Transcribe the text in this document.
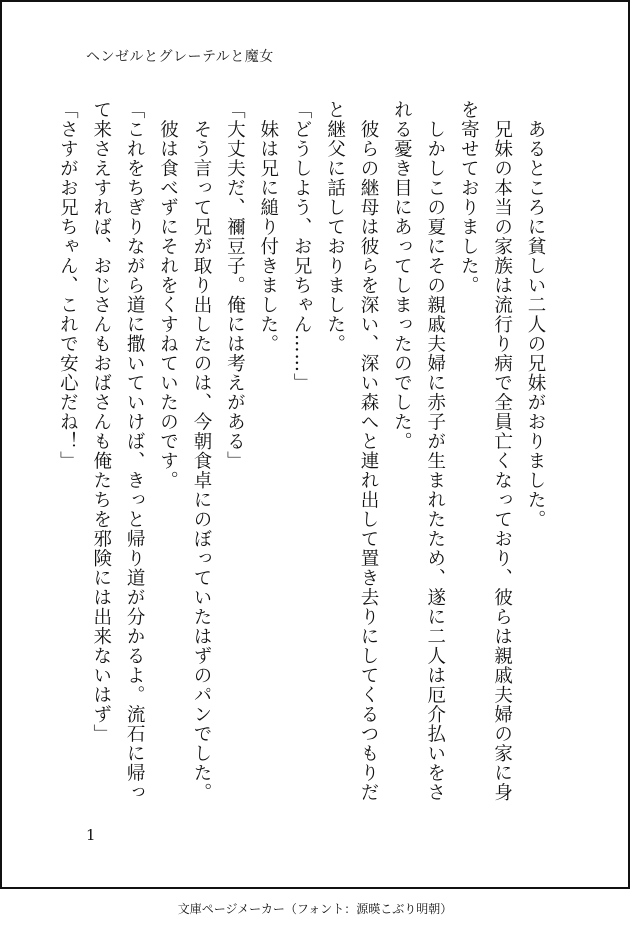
ヘンゼルとグレーテルと魔女
　あるところに貧しい二人の兄妹がおりました。
　兄妹の本当の家族は流行り病で全員亡くなっており、彼らは親戚夫婦の家に身
を寄せておりました。
　しかしこの夏にその親戚夫婦に赤子が生まれたため、遂に二人は厄介払いをさ
れる憂き目にあってしまったのでした。
　彼らの継母は彼らを深い、深い森へと連れ出して置き去りにしてくるつもりだ
と継父に話しておりました。
「どうしよう、お兄ちゃん……」
　妹は兄に縋り付きました。
「大丈夫だ、禰豆子。俺には考えがある」
　そう言って兄が取り出したのは、今朝食卓にのぼっていたはずのパンでした。
　彼は食べずにそれをくすねていたのです。
「これをちぎりながら道に撒いていけば、きっと帰り道が分かるよ。流石に帰っ
て来さえすれば、おじさんもおばさんも俺たちを邪険には出来ないはず」
「さすがお兄ちゃん、これで安心だね！」
1
文庫ページメーカー（フォント：源暎こぶり明朝）
